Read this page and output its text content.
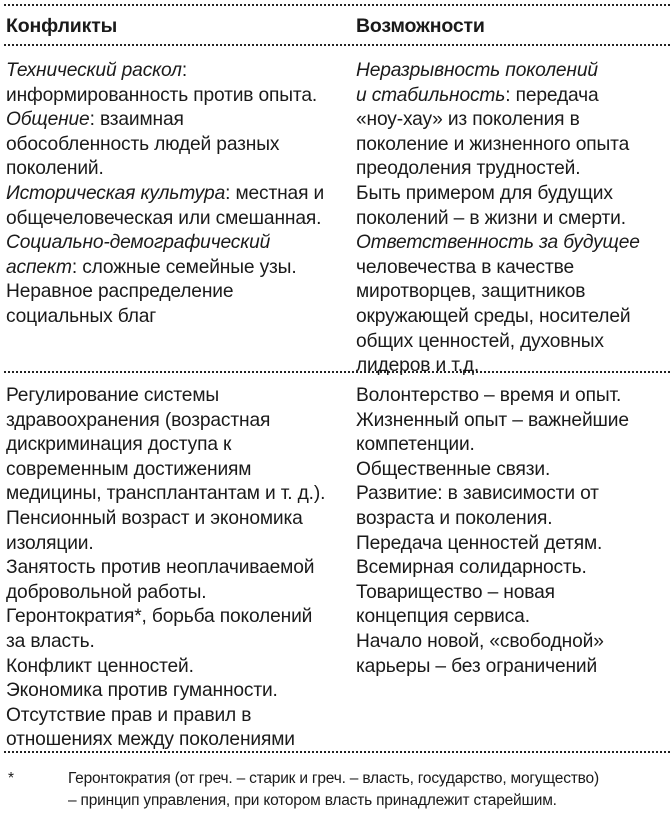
Конфликты	Возможности
Технический раскол:
информированность против опыта.
Общение: взаимная
обособленность людей разных
поколений.
Историческая культура: местная и
общечеловеческая или смешанная.
Социально-демографический
аспект: сложные семейные узы.
Неравное распределение
социальных благ
Неразрывность поколений
и стабильность: передача
«ноу-хау» из поколения в
поколение и жизненного опыта
преодоления трудностей.
Быть примером для будущих
поколений – в жизни и смерти.
Ответственность за будущее
человечества в качестве
миротворцев, защитников
окружающей среды, носителей
общих ценностей, духовных
лидеров и т.д.
Регулирование системы
здравоохранения (возрастная
дискриминация доступа к
современным достижениям
медицины, трансплантантам и т. д.).
Пенсионный возраст и экономика
изоляции.
Занятость против неоплачиваемой
добровольной работы.
Геронтократия*, борьба поколений
за власть.
Конфликт ценностей.
Экономика против гуманности.
Отсутствие прав и правил в
отношениях между поколениями
Волонтерство – время и опыт.
Жизненный опыт – важнейшие
компетенции.
Общественные связи.
Развитие: в зависимости от
возраста и поколения.
Передача ценностей детям.
Всемирная солидарность.
Товарищество – новая
концепция сервиса.
Начало новой, «свободной»
карьеры – без ограничений
*	Геронтократия (от греч. – старик и греч. – власть, государство, могущество)
– принцип управления, при котором власть принадлежит старейшим.
